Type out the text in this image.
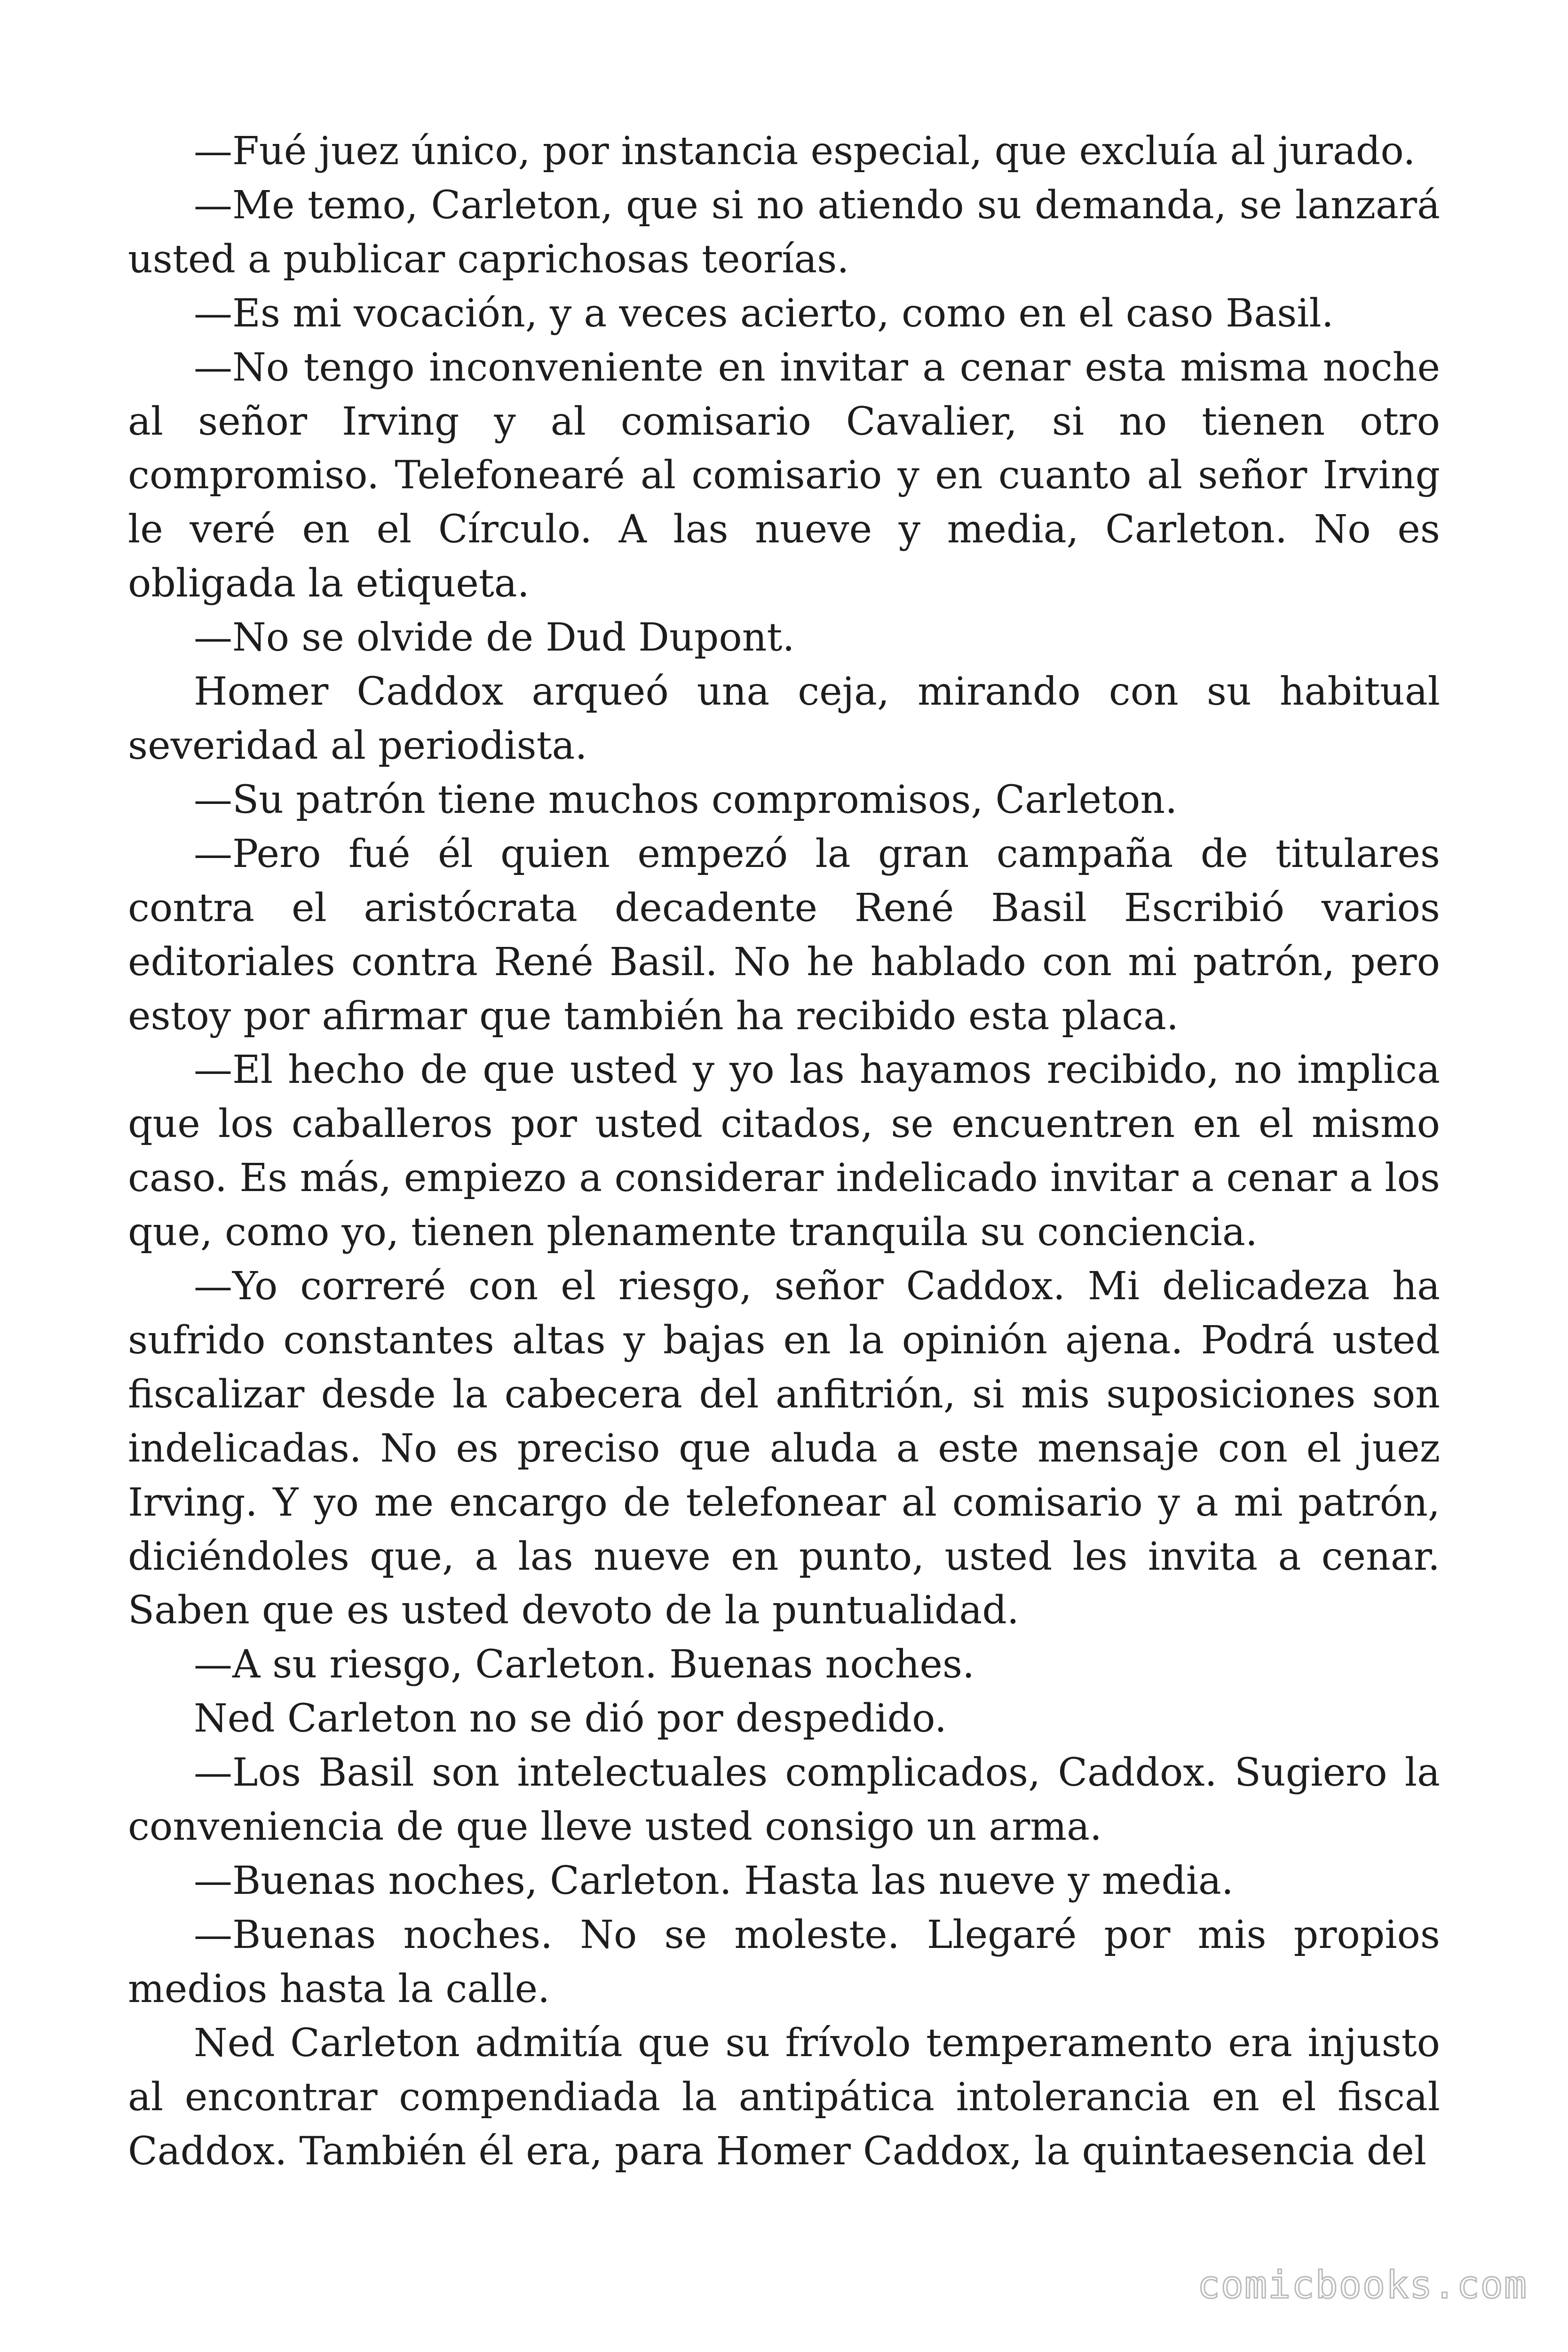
—Fué juez único, por instancia especial, que excluía al jurado.

—Me temo, Carleton, que si no atiendo su demanda, se lanzará usted a publicar caprichosas teorías.

—Es mi vocación, y a veces acierto, como en el caso Basil.

—No tengo inconveniente en invitar a cenar esta misma noche al señor Irving y al comisario Cavalier, si no tienen otro compromiso. Telefonearé al comisario y en cuanto al señor Irving le veré en el Círculo. A las nueve y media, Carleton. No es obligada la etiqueta.

—No se olvide de Dud Dupont.

Homer Caddox arqueó una ceja, mirando con su habitual severidad al periodista.

—Su patrón tiene muchos compromisos, Carleton.

—Pero fué él quien empezó la gran campaña de titulares contra el aristócrata decadente René Basil Escribió varios editoriales contra René Basil. No he hablado con mi patrón, pero estoy por afirmar que también ha recibido esta placa.

—El hecho de que usted y yo las hayamos recibido, no implica que los caballeros por usted citados, se encuentren en el mismo caso. Es más, empiezo a considerar indelicado invitar a cenar a los que, como yo, tienen plenamente tranquila su conciencia.

—Yo correré con el riesgo, señor Caddox. Mi delicadeza ha sufrido constantes altas y bajas en la opinión ajena. Podrá usted fiscalizar desde la cabecera del anfitrión, si mis suposiciones son indelicadas. No es preciso que aluda a este mensaje con el juez Irving. Y yo me encargo de telefonear al comisario y a mi patrón, diciéndoles que, a las nueve en punto, usted les invita a cenar. Saben que es usted devoto de la puntualidad.

—A su riesgo, Carleton. Buenas noches.

Ned Carleton no se dió por despedido.

—Los Basil son intelectuales complicados, Caddox. Sugiero la conveniencia de que lleve usted consigo un arma.

—Buenas noches, Carleton. Hasta las nueve y media.

—Buenas noches. No se moleste. Llegaré por mis propios medios hasta la calle.

Ned Carleton admitía que su frívolo temperamento era injusto al encontrar compendiada la antipática intolerancia en el fiscal Caddox. También él era, para Homer Caddox, la quintaesencia del

comicbooks.com
